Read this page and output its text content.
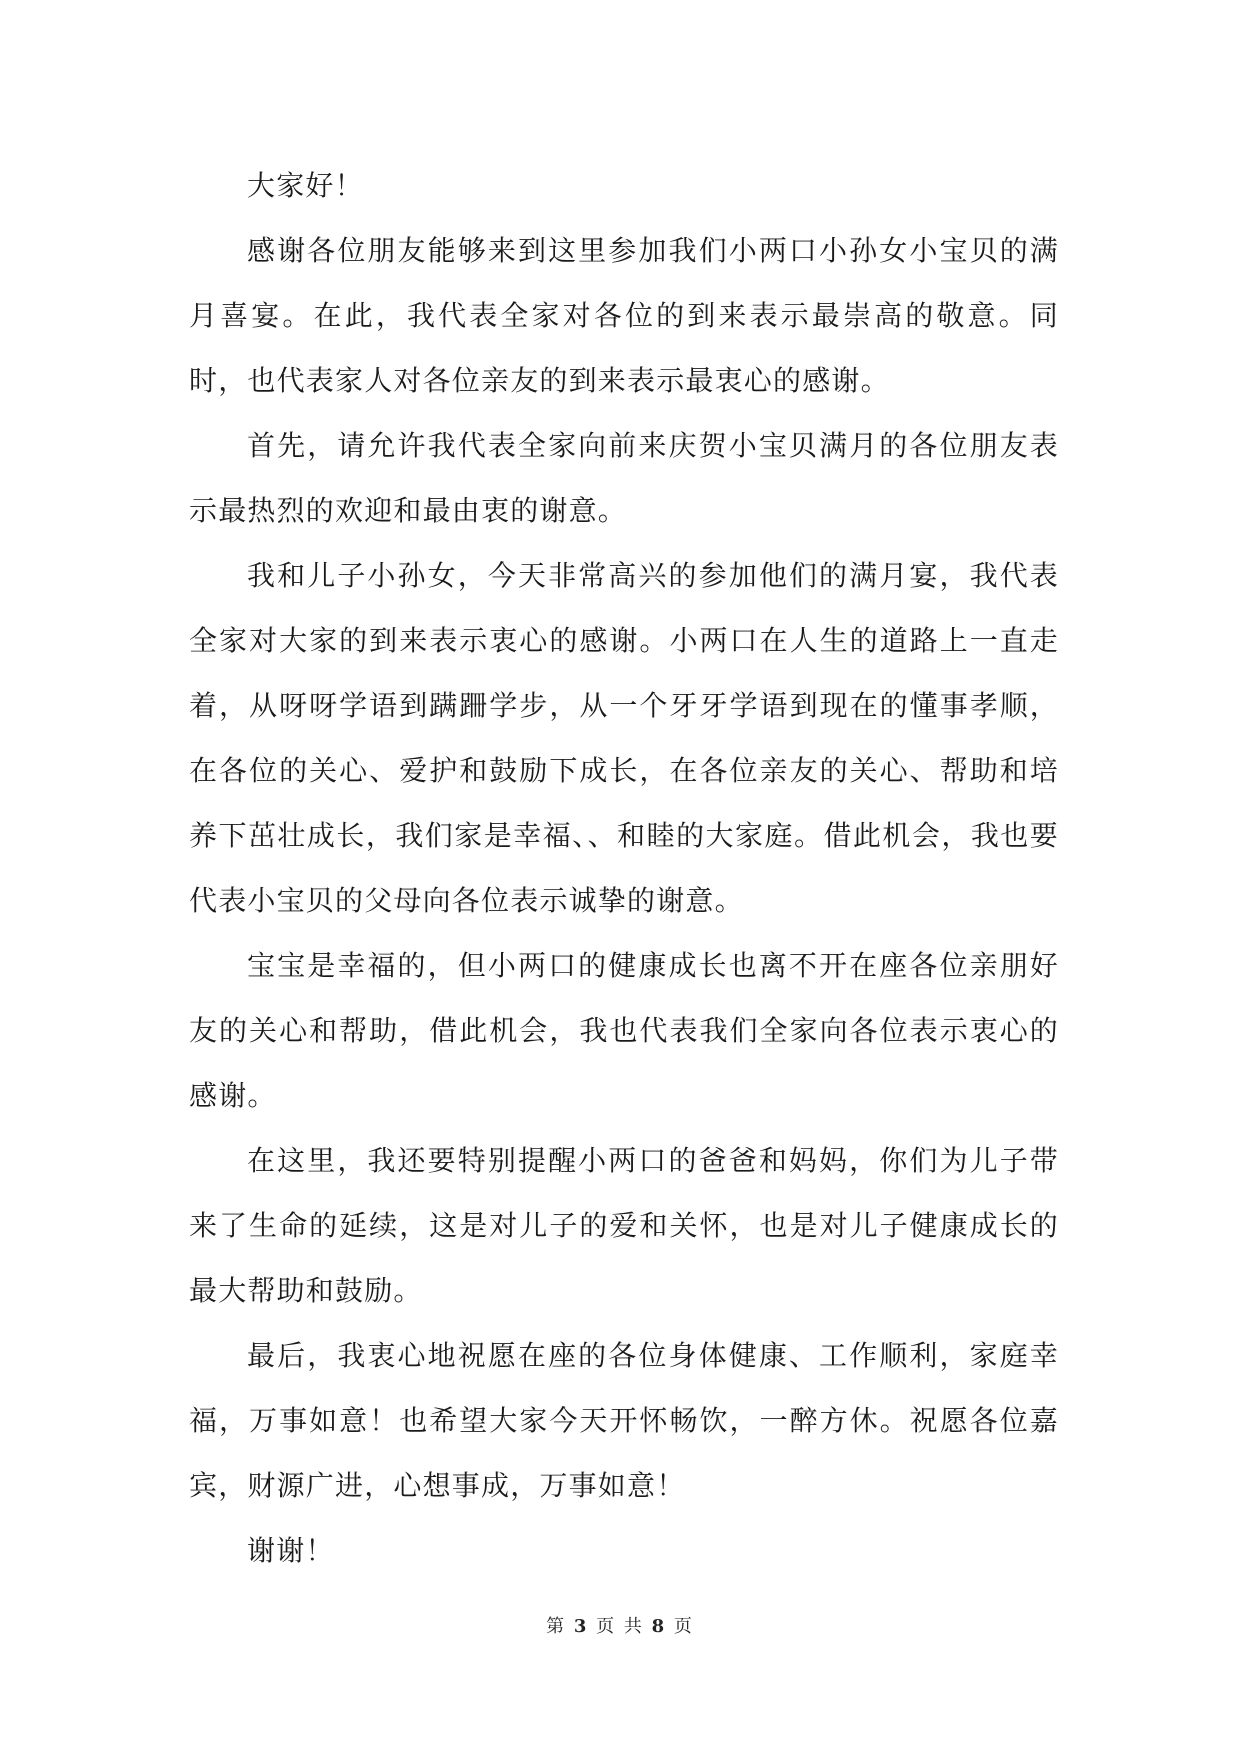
大家好！

感谢各位朋友能够来到这里参加我们小两口小孙女小宝贝的满月喜宴。在此，我代表全家对各位的到来表示最崇高的敬意。同时，也代表家人对各位亲友的到来表示最衷心的感谢。

首先，请允许我代表全家向前来庆贺小宝贝满月的各位朋友表示最热烈的欢迎和最由衷的谢意。

我和儿子小孙女，今天非常高兴的参加他们的满月宴，我代表全家对大家的到来表示衷心的感谢。小两口在人生的道路上一直走着，从呀呀学语到蹒跚学步，从一个牙牙学语到现在的懂事孝顺，在各位的关心、爱护和鼓励下成长，在各位亲友的关心、帮助和培养下茁壮成长，我们家是幸福、、和睦的大家庭。借此机会，我也要代表小宝贝的父母向各位表示诚挚的谢意。

宝宝是幸福的，但小两口的健康成长也离不开在座各位亲朋好友的关心和帮助，借此机会，我也代表我们全家向各位表示衷心的感谢。

在这里，我还要特别提醒小两口的爸爸和妈妈，你们为儿子带来了生命的延续，这是对儿子的爱和关怀，也是对儿子健康成长的最大帮助和鼓励。

最后，我衷心地祝愿在座的各位身体健康、工作顺利，家庭幸福，万事如意！也希望大家今天开怀畅饮，一醉方休。祝愿各位嘉宾，财源广进，心想事成，万事如意！

谢谢！

第 3 页 共 8 页
